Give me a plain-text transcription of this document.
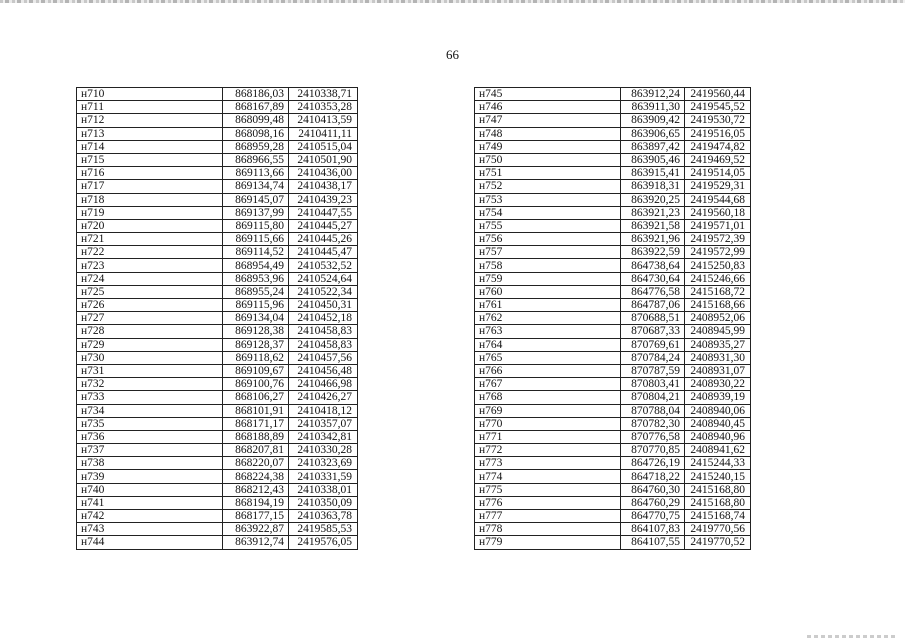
66
н710	868186,03	2410338,71
н711	868167,89	2410353,28
н712	868099,48	2410413,59
н713	868098,16	2410411,11
н714	868959,28	2410515,04
н715	868966,55	2410501,90
н716	869113,66	2410436,00
н717	869134,74	2410438,17
н718	869145,07	2410439,23
н719	869137,99	2410447,55
н720	869115,80	2410445,27
н721	869115,66	2410445,26
н722	869114,52	2410445,47
н723	868954,49	2410532,52
н724	868953,96	2410524,64
н725	868955,24	2410522,34
н726	869115,96	2410450,31
н727	869134,04	2410452,18
н728	869128,38	2410458,83
н729	869128,37	2410458,83
н730	869118,62	2410457,56
н731	869109,67	2410456,48
н732	869100,76	2410466,98
н733	868106,27	2410426,27
н734	868101,91	2410418,12
н735	868171,17	2410357,07
н736	868188,89	2410342,81
н737	868207,81	2410330,28
н738	868220,07	2410323,69
н739	868224,38	2410331,59
н740	868212,43	2410338,01
н741	868194,19	2410350,09
н742	868177,15	2410363,78
н743	863922,87	2419585,53
н744	863912,74	2419576,05
н745	863912,24	2419560,44
н746	863911,30	2419545,52
н747	863909,42	2419530,72
н748	863906,65	2419516,05
н749	863897,42	2419474,82
н750	863905,46	2419469,52
н751	863915,41	2419514,05
н752	863918,31	2419529,31
н753	863920,25	2419544,68
н754	863921,23	2419560,18
н755	863921,58	2419571,01
н756	863921,96	2419572,39
н757	863922,59	2419572,99
н758	864738,64	2415250,83
н759	864730,64	2415246,66
н760	864776,58	2415168,72
н761	864787,06	2415168,66
н762	870688,51	2408952,06
н763	870687,33	2408945,99
н764	870769,61	2408935,27
н765	870784,24	2408931,30
н766	870787,59	2408931,07
н767	870803,41	2408930,22
н768	870804,21	2408939,19
н769	870788,04	2408940,06
н770	870782,30	2408940,45
н771	870776,58	2408940,96
н772	870770,85	2408941,62
н773	864726,19	2415244,33
н774	864718,22	2415240,15
н775	864760,30	2415168,80
н776	864760,29	2415168,80
н777	864770,75	2415168,74
н778	864107,83	2419770,56
н779	864107,55	2419770,52
